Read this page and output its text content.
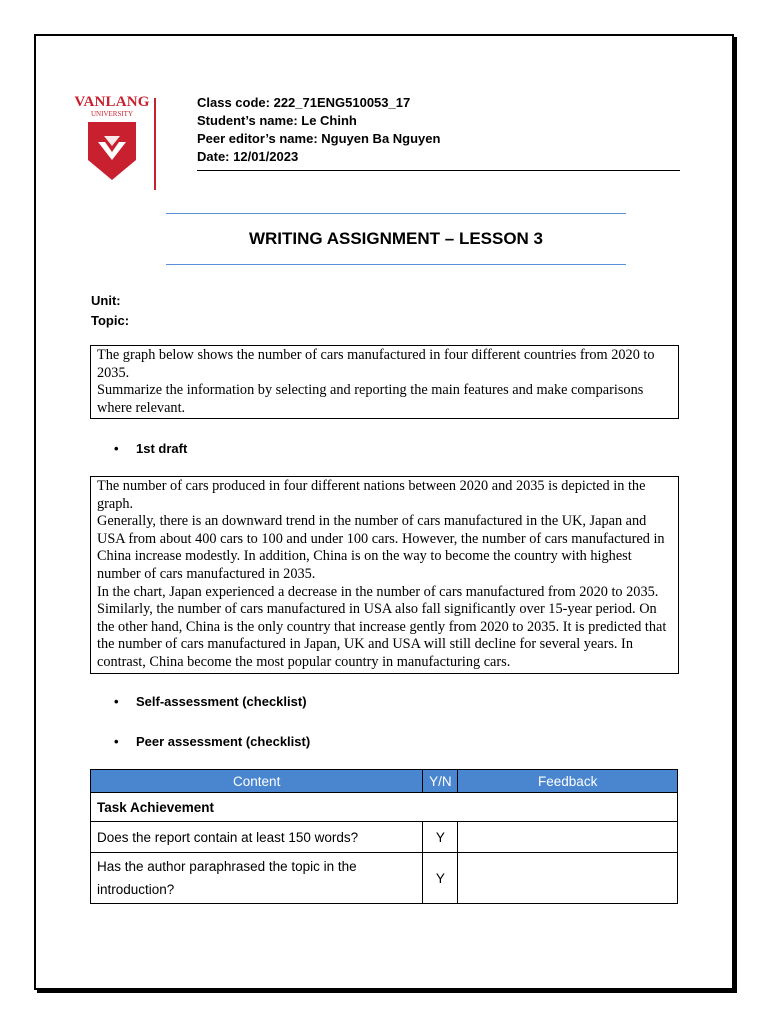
VANLANG
UNIVERSITY
Class code: 222_71ENG510053_17
Student’s name: Le Chinh
Peer editor’s name: Nguyen Ba Nguyen
Date: 12/01/2023
WRITING ASSIGNMENT – LESSON 3
Unit:
Topic:
The graph below shows the number of cars manufactured in four different countries from 2020 to 2035.
Summarize the information by selecting and reporting the main features and make comparisons where relevant.
• 1st draft
The number of cars produced in four different nations between 2020 and 2035 is depicted in the graph.
Generally, there is an downward trend in the number of cars manufactured in the UK, Japan and USA from about 400 cars to 100 and under 100 cars. However, the number of cars manufactured in China increase modestly. In addition, China is on the way to become the country with highest number of cars manufactured in 2035.
In the chart, Japan experienced a decrease in the number of cars manufactured from 2020 to 2035. Similarly, the number of cars manufactured in USA also fall significantly over 15-year period. On the other hand, China is the only country that increase gently from 2020 to 2035. It is predicted that the number of cars manufactured in Japan, UK and USA will still decline for several years. In contrast, China become the most popular country in manufacturing cars.
• Self-assessment (checklist)
• Peer assessment (checklist)
Content	Y/N	Feedback
Task Achievement		
Does the report contain at least 150 words?	Y	
Has the author paraphrased the topic in the introduction?	Y	
